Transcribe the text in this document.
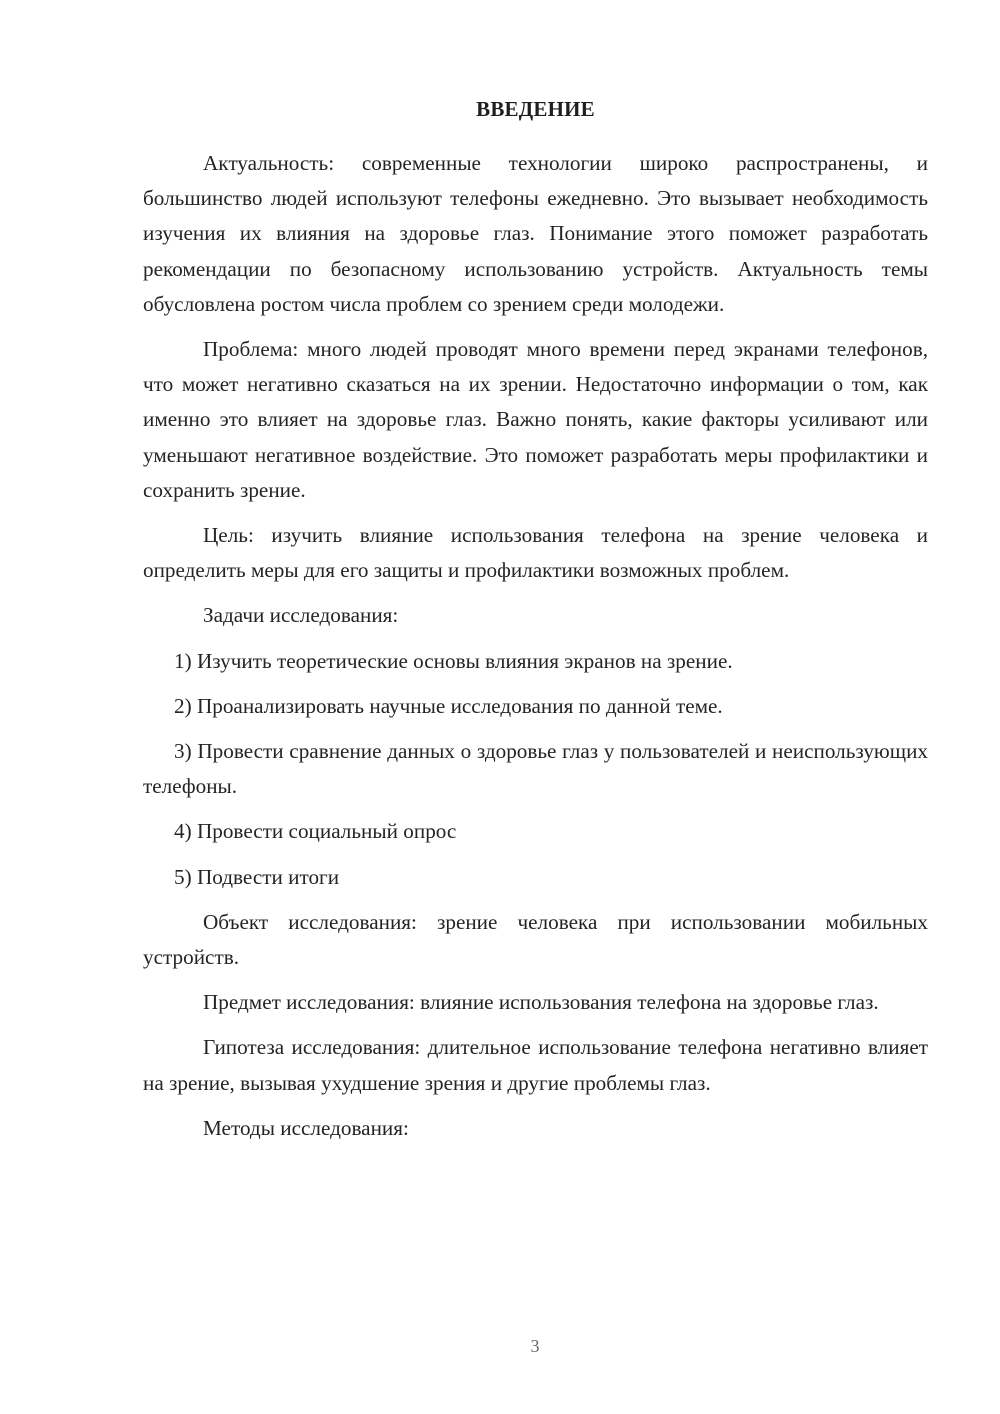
ВВЕДЕНИЕ

Актуальность: современные технологии широко распространены, и большинство людей используют телефоны ежедневно. Это вызывает необходимость изучения их влияния на здоровье глаз. Понимание этого поможет разработать рекомендации по безопасному использованию устройств. Актуальность темы обусловлена ростом числа проблем со зрением среди молодежи.

Проблема: много людей проводят много времени перед экранами телефонов, что может негативно сказаться на их зрении. Недостаточно информации о том, как именно это влияет на здоровье глаз. Важно понять, какие факторы усиливают или уменьшают негативное воздействие. Это поможет разработать меры профилактики и сохранить зрение.

Цель: изучить влияние использования телефона на зрение человека и определить меры для его защиты и профилактики возможных проблем.

Задачи исследования:

1) Изучить теоретические основы влияния экранов на зрение.

2) Проанализировать научные исследования по данной теме.

3) Провести сравнение данных о здоровье глаз у пользователей и неиспользующих телефоны.

4) Провести социальный опрос

5) Подвести итоги

Объект исследования: зрение человека при использовании мобильных устройств.

Предмет исследования: влияние использования телефона на здоровье глаз.

Гипотеза исследования: длительное использование телефона негативно влияет на зрение, вызывая ухудшение зрения и другие проблемы глаз.

Методы исследования:

3
